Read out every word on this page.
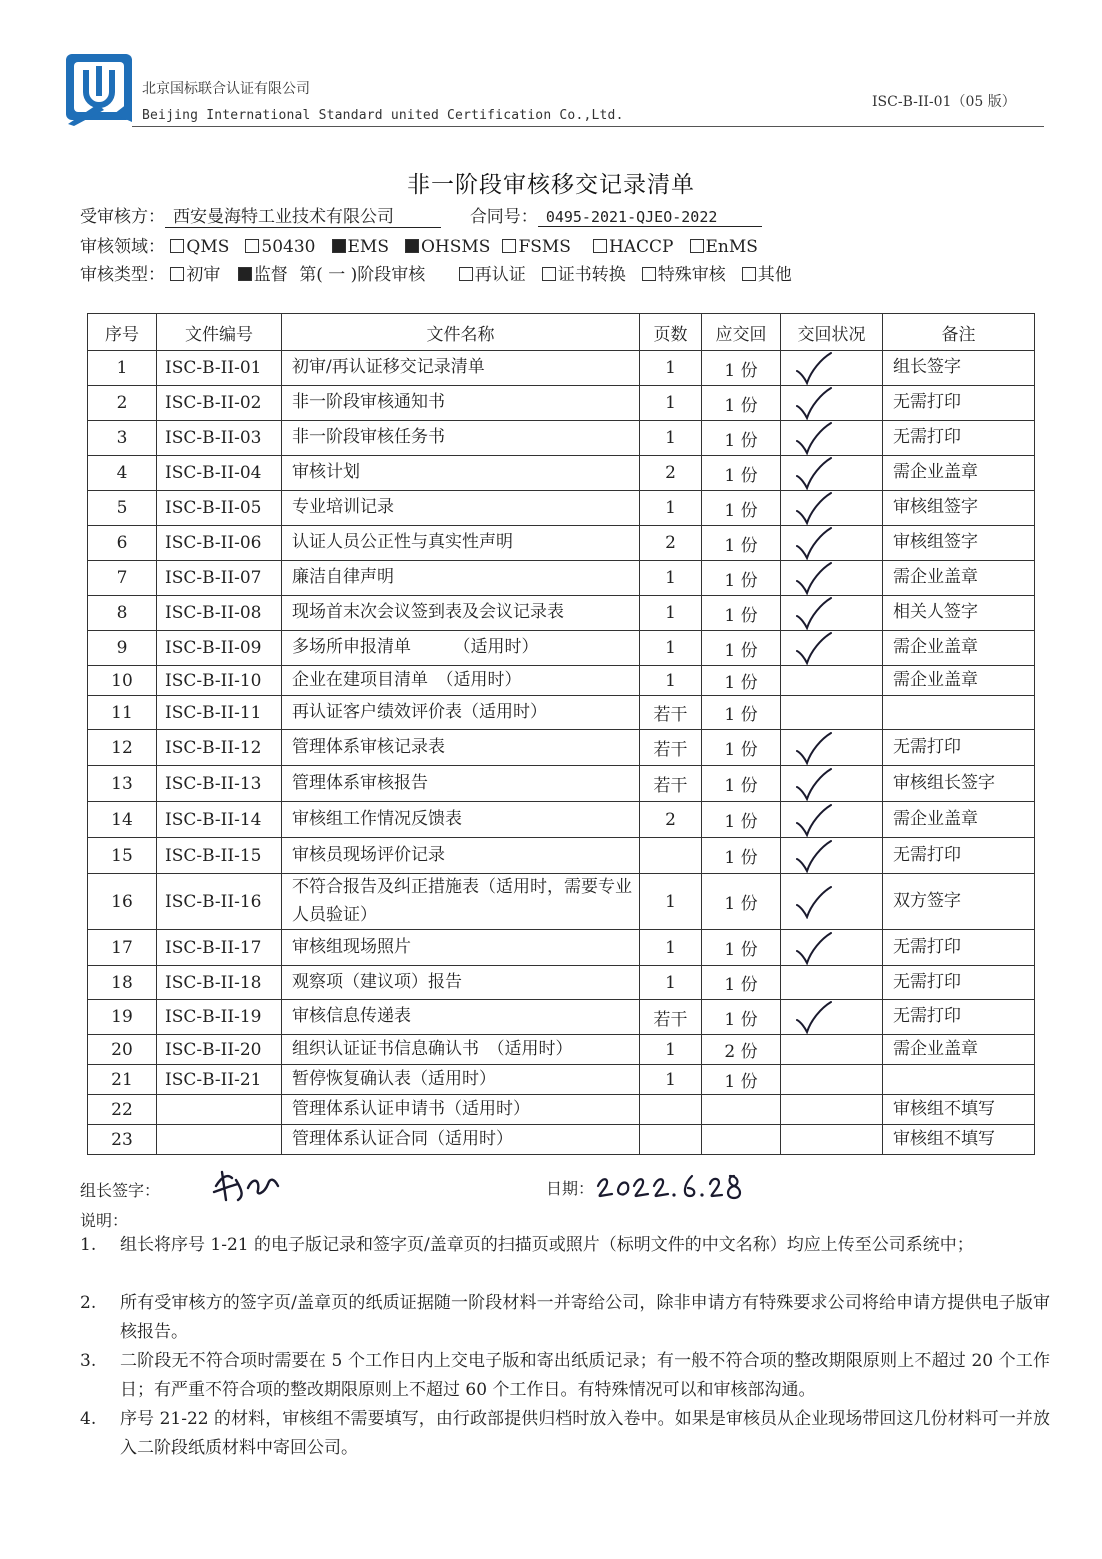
北京国标联合认证有限公司
Beijing International Standard united Certification Co.,Ltd.
ISC-B-II-01（05 版）
非一阶段审核移交记录清单
受审核方： 西安曼海特工业技术有限公司	合同号： 0495-2021-QJEO-2022
审核领域： QMS 50430 EMS OHSMS FSMS HACCP EnMS
审核类型： 初审 监督 第( 一 )阶段审核	再认证 证书转换 特殊审核 其他
序号	文件编号	文件名称	页数	应交回	交回状况	备注
1	ISC-B-II-01	初审/再认证移交记录清单	1	1 份		组长签字
2	ISC-B-II-02	非一阶段审核通知书	1	1 份		无需打印
3	ISC-B-II-03	非一阶段审核任务书	1	1 份		无需打印
4	ISC-B-II-04	审核计划	2	1 份		需企业盖章
5	ISC-B-II-05	专业培训记录	1	1 份		审核组签字
6	ISC-B-II-06	认证人员公正性与真实性声明	2	1 份		审核组签字
7	ISC-B-II-07	廉洁自律声明	1	1 份		需企业盖章
8	ISC-B-II-08	现场首末次会议签到表及会议记录表	1	1 份		相关人签字
9	ISC-B-II-09	多场所申报清单　　　（适用时）	1	1 份		需企业盖章
10	ISC-B-II-10	企业在建项目清单　（适用时）	1	1 份		需企业盖章
11	ISC-B-II-11	再认证客户绩效评价表（适用时）	若干	1 份		
12	ISC-B-II-12	管理体系审核记录表	若干	1 份		无需打印
13	ISC-B-II-13	管理体系审核报告	若干	1 份		审核组长签字
14	ISC-B-II-14	审核组工作情况反馈表	2	1 份		需企业盖章
15	ISC-B-II-15	审核员现场评价记录		1 份		无需打印
16	ISC-B-II-16	不符合报告及纠正措施表（适用时，需要专业人员验证）	1	1 份		双方签字
17	ISC-B-II-17	审核组现场照片	1	1 份		无需打印
18	ISC-B-II-18	观察项（建议项）报告	1	1 份		无需打印
19	ISC-B-II-19	审核信息传递表	若干	1 份		无需打印
20	ISC-B-II-20	组织认证证书信息确认书　（适用时）	1	2 份		需企业盖章
21	ISC-B-II-21	暂停恢复确认表（适用时）	1	1 份		
22		管理体系认证申请书（适用时）				审核组不填写
23		管理体系认证合同（适用时）				审核组不填写
组长签字：	日期：
说明：
1.	组长将序号 1-21 的电子版记录和签字页/盖章页的扫描页或照片（标明文件的中文名称）均应上传至公司系统中；
2.	所有受审核方的签字页/盖章页的纸质证据随一阶段材料一并寄给公司，除非申请方有特殊要求公司将给申请方提供电子版审核报告。
3.	二阶段无不符合项时需要在 5 个工作日内上交电子版和寄出纸质记录；有一般不符合项的整改期限原则上不超过 20 个工作日；有严重不符合项的整改期限原则上不超过 60 个工作日。有特殊情况可以和审核部沟通。
4.	序号 21-22 的材料，审核组不需要填写，由行政部提供归档时放入卷中。如果是审核员从企业现场带回这几份材料可一并放入二阶段纸质材料中寄回公司。
